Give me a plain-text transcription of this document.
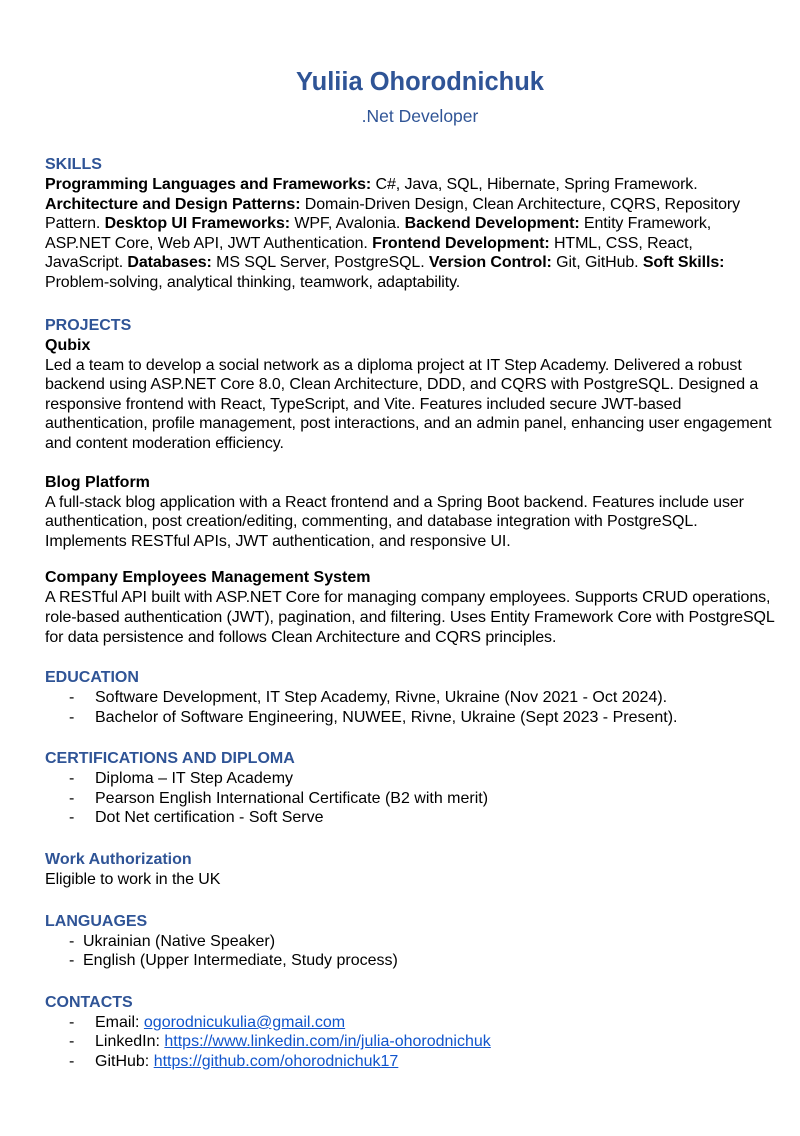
Yuliia Ohorodnichuk
.Net Developer
SKILLS

Programming Languages and Frameworks: C#, Java, SQL, Hibernate, Spring Framework. Architecture and Design Patterns: Domain-Driven Design, Clean Architecture, CQRS, Repository Pattern. Desktop UI Frameworks: WPF, Avalonia. Backend Development: Entity Framework, ASP.NET Core, Web API, JWT Authentication. Frontend Development: HTML, CSS, React, JavaScript. Databases: MS SQL Server, PostgreSQL. Version Control: Git, GitHub. Soft Skills: Problem-solving, analytical thinking, teamwork, adaptability.

PROJECTS
Qubix

Led a team to develop a social network as a diploma project at IT Step Academy. Delivered a robust backend using ASP.NET Core 8.0, Clean Architecture, DDD, and CQRS with PostgreSQL. Designed a responsive frontend with React, TypeScript, and Vite. Features included secure JWT-based authentication, profile management, post interactions, and an admin panel, enhancing user engagement and content moderation efficiency.

Blog Platform

A full-stack blog application with a React frontend and a Spring Boot backend. Features include user authentication, post creation/editing, commenting, and database integration with PostgreSQL. Implements RESTful APIs, JWT authentication, and responsive UI.

Company Employees Management System

A RESTful API built with ASP.NET Core for managing company employees. Supports CRUD operations, role-based authentication (JWT), pagination, and filtering. Uses Entity Framework Core with PostgreSQL for data persistence and follows Clean Architecture and CQRS principles.

EDUCATION
- Software Development, IT Step Academy, Rivne, Ukraine (Nov 2021 - Oct 2024).
- Bachelor of Software Engineering, NUWEE, Rivne, Ukraine (Sept 2023 - Present).
CERTIFICATIONS AND DIPLOMA
- Diploma – IT Step Academy
- Pearson English International Certificate (B2 with merit)
- Dot Net certification - Soft Serve
Work Authorization

Eligible to work in the UK

LANGUAGES
- Ukrainian (Native Speaker)
- English (Upper Intermediate, Study process)
CONTACTS
- Email: ogorodnicukulia@gmail.com
- LinkedIn: https://www.linkedin.com/in/julia-ohorodnichuk
- GitHub: https://github.com/ohorodnichuk17
